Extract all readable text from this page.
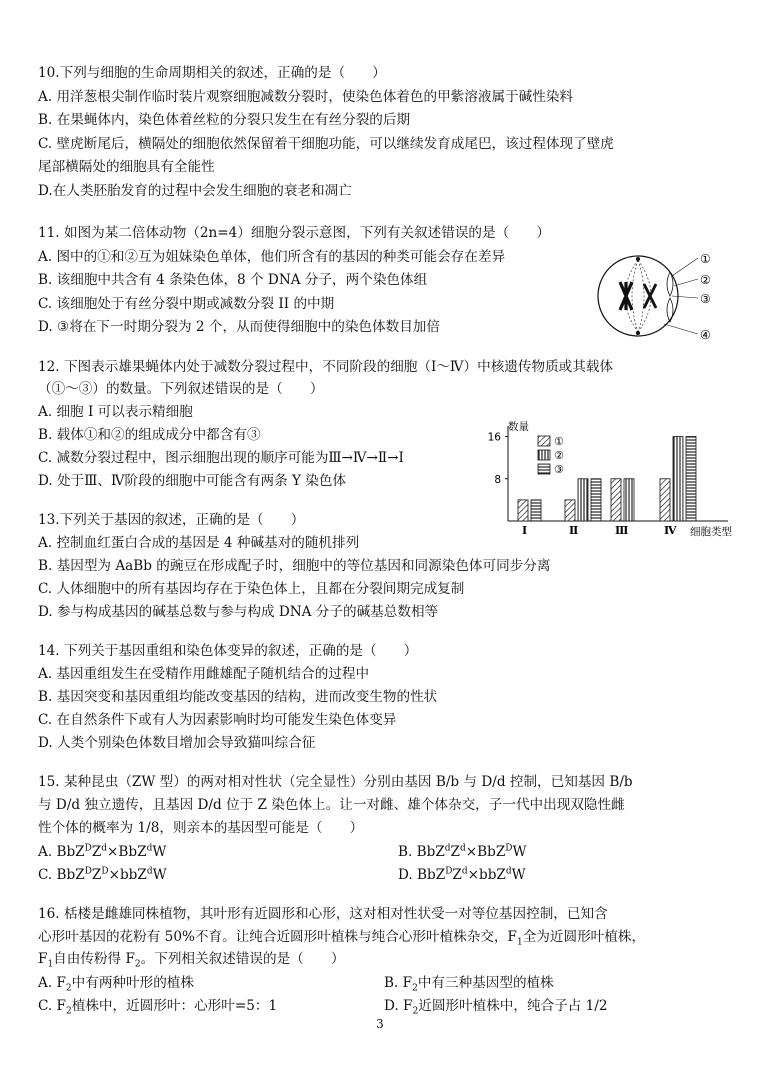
10.下列与细胞的生命周期相关的叙述，正确的是（　　）
A. 用洋葱根尖制作临时装片观察细胞减数分裂时，使染色体着色的甲紫溶液属于碱性染料
B. 在果蝇体内，染色体着丝粒的分裂只发生在有丝分裂的后期
C. 壁虎断尾后，横隔处的细胞依然保留着干细胞功能，可以继续发育成尾巴，该过程体现了壁虎
尾部横隔处的细胞具有全能性
D.在人类胚胎发育的过程中会发生细胞的衰老和凋亡
11. 如图为某二倍体动物（2n=4）细胞分裂示意图，下列有关叙述错误的是（　　）
A. 图中的①和②互为姐妹染色单体，他们所含有的基因的种类可能会存在差异
B. 该细胞中共含有 4 条染色体，8 个 DNA 分子，两个染色体组
C. 该细胞处于有丝分裂中期或减数分裂 II 的中期
D. ③将在下一时期分裂为 2 个，从而使得细胞中的染色体数目加倍
①
②
③
④
12. 下图表示雄果蝇体内处于减数分裂过程中，不同阶段的细胞（Ⅰ～Ⅳ）中核遗传物质或其载体
（①～③）的数量。下列叙述错误的是（　　）
A. 细胞 I 可以表示精细胞
B. 载体①和②的组成成分中都含有③
C. 减数分裂过程中，图示细胞出现的顺序可能为Ⅲ→Ⅳ→Ⅱ→Ⅰ
D. 处于Ⅲ、Ⅳ阶段的细胞中可能含有两条 Y 染色体
数量
细胞类型
8
16
Ⅰ	Ⅱ	Ⅲ	Ⅳ
①
②
③
13.下列关于基因的叙述，正确的是（　　）
A. 控制血红蛋白合成的基因是 4 种碱基对的随机排列
B. 基因型为 AaBb 的豌豆在形成配子时，细胞中的等位基因和同源染色体可同步分离
C. 人体细胞中的所有基因均存在于染色体上，且都在分裂间期完成复制
D. 参与构成基因的碱基总数与参与构成 DNA 分子的碱基总数相等
14. 下列关于基因重组和染色体变异的叙述，正确的是（　　）
A. 基因重组发生在受精作用雌雄配子随机结合的过程中
B. 基因突变和基因重组均能改变基因的结构，进而改变生物的性状
C. 在自然条件下或有人为因素影响时均可能发生染色体变异
D. 人类个别染色体数目增加会导致猫叫综合征
15. 某种昆虫（ZW 型）的两对相对性状（完全显性）分别由基因 B/b 与 D/d 控制，已知基因 B/b
与 D/d 独立遗传，且基因 D/d 位于 Z 染色体上。让一对雌、雄个体杂交，子一代中出现双隐性雌
性个体的概率为 1/8，则亲本的基因型可能是（　　）
A. $BbZ^DZ^d\times BbZ^dW$	B. $BbZ^dZ^d\times BbZ^DW$
C. $BbZ^DZ^D\times bbZ^dW$	D. $BbZ^DZ^d\times bbZ^dW$
16. 栝楼是雌雄同株植物，其叶形有近圆形和心形，这对相对性状受一对等位基因控制，已知含
心形叶基因的花粉有 50%不育。让纯合近圆形叶植株与纯合心形叶植株杂交，$F_1$全为近圆形叶植株，
$F_1$自由传粉得 $F_2$。下列相关叙述错误的是（　　）
A. $F_2$中有两种叶形的植株	B. $F_2$中有三种基因型的植株
C. $F_2$植株中，近圆形叶：心形叶=5：1	D. $F_2$近圆形叶植株中，纯合子占 1/2
3
